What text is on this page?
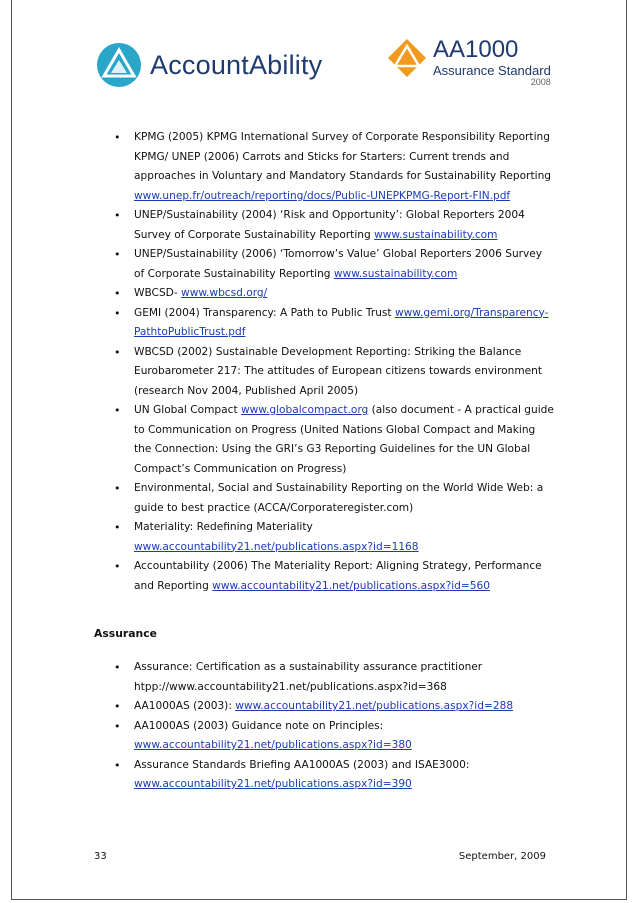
AccountAbility	AA1000
Assurance Standard
2008
• KPMG (2005) KPMG International Survey of Corporate Responsibility Reporting
KPMG/ UNEP (2006) Carrots and Sticks for Starters: Current trends and approaches in Voluntary and Mandatory Standards for Sustainability Reporting www.unep.fr/outreach/reporting/docs/Public-UNEPKPMG-Report-FIN.pdf
• UNEP/Sustainability (2004) ‘Risk and Opportunity’: Global Reporters 2004 Survey of Corporate Sustainability Reporting www.sustainability.com
• UNEP/Sustainability (2006) ‘Tomorrow’s Value’ Global Reporters 2006 Survey of Corporate Sustainability Reporting www.sustainability.com
• WBCSD- www.wbcsd.org/
• GEMI (2004) Transparency: A Path to Public Trust www.gemi.org/Transparency-PathtoPublicTrust.pdf
• WBCSD (2002) Sustainable Development Reporting: Striking the Balance Eurobarometer 217: The attitudes of European citizens towards environment (research Nov 2004, Published April 2005)
• UN Global Compact www.globalcompact.org (also document - A practical guide to Communication on Progress (United Nations Global Compact and Making the Connection: Using the GRI’s G3 Reporting Guidelines for the UN Global Compact’s Communication on Progress)
• Environmental, Social and Sustainability Reporting on the World Wide Web: a guide to best practice (ACCA/Corporateregister.com)
• Materiality: Redefining Materiality www.accountability21.net/publications.aspx?id=1168
• Accountability (2006) The Materiality Report: Aligning Strategy, Performance and Reporting www.accountability21.net/publications.aspx?id=560
Assurance
• Assurance: Certification as a sustainability assurance practitioner htpp://www.accountability21.net/publications.aspx?id=368
• AA1000AS (2003): www.accountability21.net/publications.aspx?id=288
• AA1000AS (2003) Guidance note on Principles: www.accountability21.net/publications.aspx?id=380
• Assurance Standards Briefing AA1000AS (2003) and ISAE3000: www.accountability21.net/publications.aspx?id=390
33	September, 2009
